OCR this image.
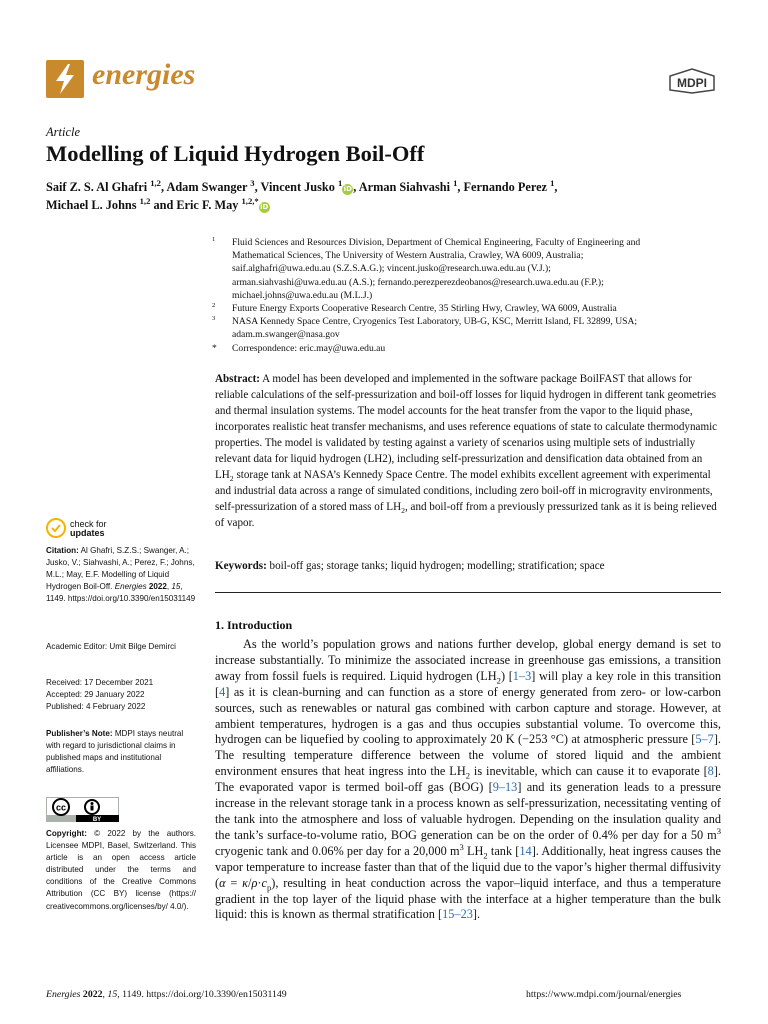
energies	MDPI
Article
Modelling of Liquid Hydrogen Boil-Off
Saif Z. S. Al Ghafri $^{1,2}$, Adam Swanger $^3$, Vincent Jusko $^1$iD, Arman Siahvashi $^1$, Fernando Perez $^1$,
Michael L. Johns $^{1,2}$ and Eric F. May $^{1,2,*}$iD
$^1$	Fluid Sciences and Resources Division, Department of Chemical Engineering, Faculty of Engineering and
Mathematical Sciences, The University of Western Australia, Crawley, WA 6009, Australia;
saif.alghafri@uwa.edu.au (S.Z.S.A.G.); vincent.jusko@research.uwa.edu.au (V.J.);
arman.siahvashi@uwa.edu.au (A.S.); fernando.perezperezdeobanos@research.uwa.edu.au (F.P.);
michael.johns@uwa.edu.au (M.L.J.)
$^2$	Future Energy Exports Cooperative Research Centre, 35 Stirling Hwy, Crawley, WA 6009, Australia
$^3$	NASA Kennedy Space Centre, Cryogenics Test Laboratory, UB-G, KSC, Merritt Island, FL 32899, USA;
adam.m.swanger@nasa.gov
*	Correspondence: eric.may@uwa.edu.au
Abstract: A model has been developed and implemented in the software package BoilFAST that allows for reliable calculations of the self-pressurization and boil-off losses for liquid hydrogen in different tank geometries and thermal insulation systems. The model accounts for the heat transfer from the vapor to the liquid phase, incorporates realistic heat transfer mechanisms, and uses reference equations of state to calculate thermodynamic properties. The model is validated by testing against a variety of scenarios using multiple sets of industrially relevant data for liquid hydrogen (LH2), including self-pressurization and densification data obtained from an $LH_2$ storage tank at NASA’s Kennedy Space Centre. The model exhibits excellent agreement with experimental and industrial data across a range of simulated conditions, including zero boil-off in microgravity environments, self-pressurization of a stored mass of $LH_2$, and boil-off from a previously pressurized tank as it is being relieved of vapor.
Keywords: boil-off gas; storage tanks; liquid hydrogen; modelling; stratification; space
1. Introduction

As the world’s population grows and nations further develop, global energy demand is set to increase substantially. To minimize the associated increase in greenhouse gas emissions, a transition away from fossil fuels is required. Liquid hydrogen $(LH_2)$ [1–3] will play a key role in this transition [4] as it is clean-burning and can function as a store of energy generated from zero- or low-carbon sources, such as renewables or natural gas combined with carbon capture and storage. However, at ambient temperatures, hydrogen is a gas and thus occupies substantial volume. To overcome this, hydrogen can be liquefied by cooling to approximately 20 K (−253 °C) at atmospheric pressure [5–7]. The resulting temperature difference between the volume of stored liquid and the ambient environment ensures that heat ingress into the $LH_2$ is inevitable, which can cause it to evaporate [8]. The evaporated vapor is termed boil-off gas (BOG) [9–13] and its generation leads to a pressure increase in the relevant storage tank in a process known as self-pressurization, necessitating venting of the tank into the atmosphere and loss of valuable hydrogen. Depending on the insulation quality and the tank’s surface-to-volume ratio, BOG generation can be on the order of 0.4% per day for a 50 $m^3$ cryogenic tank and 0.06% per day for a 20,000 $m^3$ $LH_2$ tank [14]. Additionally, heat ingress causes the vapor temperature to increase faster than that of the liquid due to the vapor’s higher thermal diffusivity $(\alpha = \kappa/\rho\cdot c_p)$, resulting in heat conduction across the vapor–liquid interface, and thus a temperature gradient in the top layer of the liquid phase with the interface at a higher temperature than the bulk liquid: this is known as thermal stratification [15–23].

check for
updates
Citation: Al Ghafri, S.Z.S.; Swanger, A.; Jusko, V.; Siahvashi, A.; Perez, F.; Johns, M.L.; May, E.F. Modelling of Liquid Hydrogen Boil-Off. Energies 2022, 15, 1149. https://doi.org/10.3390/en15031149
Academic Editor: Umit Bilge Demirci
Received: 17 December 2021
Accepted: 29 January 2022
Published: 4 February 2022
Publisher’s Note: MDPI stays neutral with regard to jurisdictional claims in published maps and institutional affiliations.
cc
BY
Copyright: © 2022 by the authors. Licensee MDPI, Basel, Switzerland. This article is an open access article distributed under the terms and conditions of the Creative Commons Attribution (CC BY) license (https:// creativecommons.org/licenses/by/ 4.0/).
Energies 2022, 15, 1149. https://doi.org/10.3390/en15031149	https://www.mdpi.com/journal/energies
